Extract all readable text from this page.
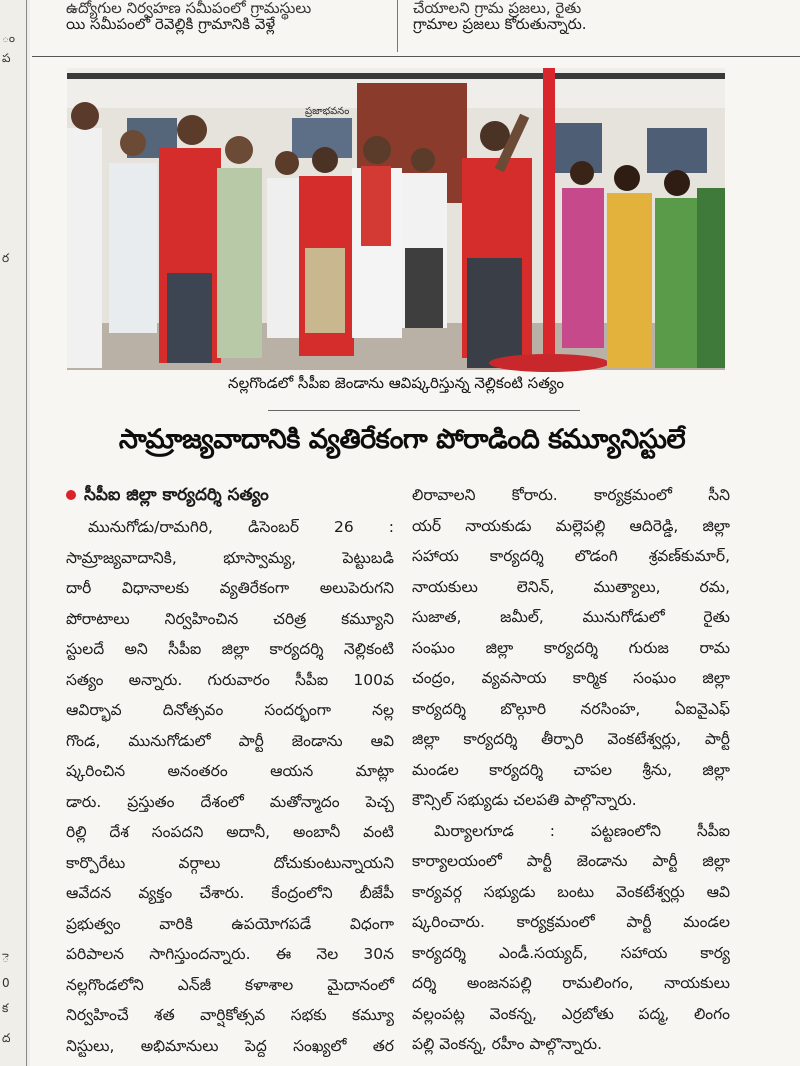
ం
ప
ర
ె
0
క
ద
ఉద్యోగుల నిర్వహణ సమీపంలో గ్రామస్థులు
యి సమీపంలో రెవెల్లికి గ్రామానికి వెళ్లే
చేయాలని గ్రామ ప్రజలు, రైతు
గ్రామాల ప్రజలు కోరుతున్నారు.
ప్రజాభవనం
నల్లగొండలో సీపీఐ జెండాను ఆవిష్కరిస్తున్న నెల్లికంటి సత్యం
సామ్రాజ్యవాదానికి వ్యతిరేకంగా పోరాడింది కమ్యూనిస్టులే
సీపీఐ జిల్లా కార్యదర్శి సత్యం
మునుగోడు/రామగిరి, డిసెంబర్ 26 :
సామ్రాజ్యవాదానికి, భూస్వామ్య, పెట్టుబడి
దారీ విధానాలకు వ్యతిరేకంగా అలుపెరుగని
పోరాటాలు నిర్వహించిన చరిత్ర కమ్యూని
స్టులదే అని సీపీఐ జిల్లా కార్యదర్శి నెల్లికంటి
సత్యం అన్నారు. గురువారం సీపీఐ 100వ
ఆవిర్భావ దినోత్సవం సందర్భంగా నల్ల
గొండ, మునుగోడులో పార్టీ జెండాను ఆవి
ష్కరించిన అనంతరం ఆయన మాట్లా
డారు. ప్రస్తుతం దేశంలో మతోన్మాదం పెచ్చ
రిల్లి దేశ సంపదని అదానీ, అంబానీ వంటి
కార్పొరేటు వర్గాలు దోచుకుంటున్నాయని
ఆవేదన వ్యక్తం చేశారు. కేంద్రంలోని బీజేపీ
ప్రభుత్వం వారికి ఉపయోగపడే విధంగా
పరిపాలన సాగిస్తుందన్నారు. ఈ నెల 30న
నల్లగొండలోని ఎన్‌జీ కళాశాల మైదానంలో
నిర్వహించే శత వార్షికోత్సవ సభకు కమ్యూ
నిస్టులు, అభిమానులు పెద్ద సంఖ్యలో తర
లిరావాలని కోరారు. కార్యక్రమంలో సీని
యర్ నాయకుడు మల్లెపల్లి ఆదిరెడ్డి, జిల్లా
సహాయ కార్యదర్శి లొడంగి శ్రవణ్‌కుమార్,
నాయకులు లెనిన్, ముత్యాలు, రమ,
సుజాత, జమీల్, మునుగోడులో రైతు
సంఘం జిల్లా కార్యదర్శి గురుజ రామ
చంద్రం, వ్యవసాయ కార్మిక సంఘం జిల్లా
కార్యదర్శి బొల్గూరి నరసింహ, ఏఐవైఎఫ్
జిల్లా కార్యదర్శి తీర్పారి వెంకటేశ్వర్లు, పార్టీ
మండల కార్యదర్శి చాపల శ్రీను, జిల్లా
కౌన్సిల్ సభ్యుడు చలపతి పాల్గొన్నారు.
మిర్యాలగూడ : పట్టణంలోని సీపీఐ
కార్యాలయంలో పార్టీ జెండాను పార్టీ జిల్లా
కార్యవర్గ సభ్యుడు బంటు వెంకటేశ్వర్లు ఆవి
ష్కరించారు. కార్యక్రమంలో పార్టీ మండల
కార్యదర్శి ఎండీ.సయ్యద్, సహాయ కార్య
దర్శి అంజనపల్లి రామలింగం, నాయకులు
వల్లంపట్ల వెంకన్న, ఎర్రబోతు పద్మ, లింగం
పల్లి వెంకన్న, రహీం పాల్గొన్నారు.
